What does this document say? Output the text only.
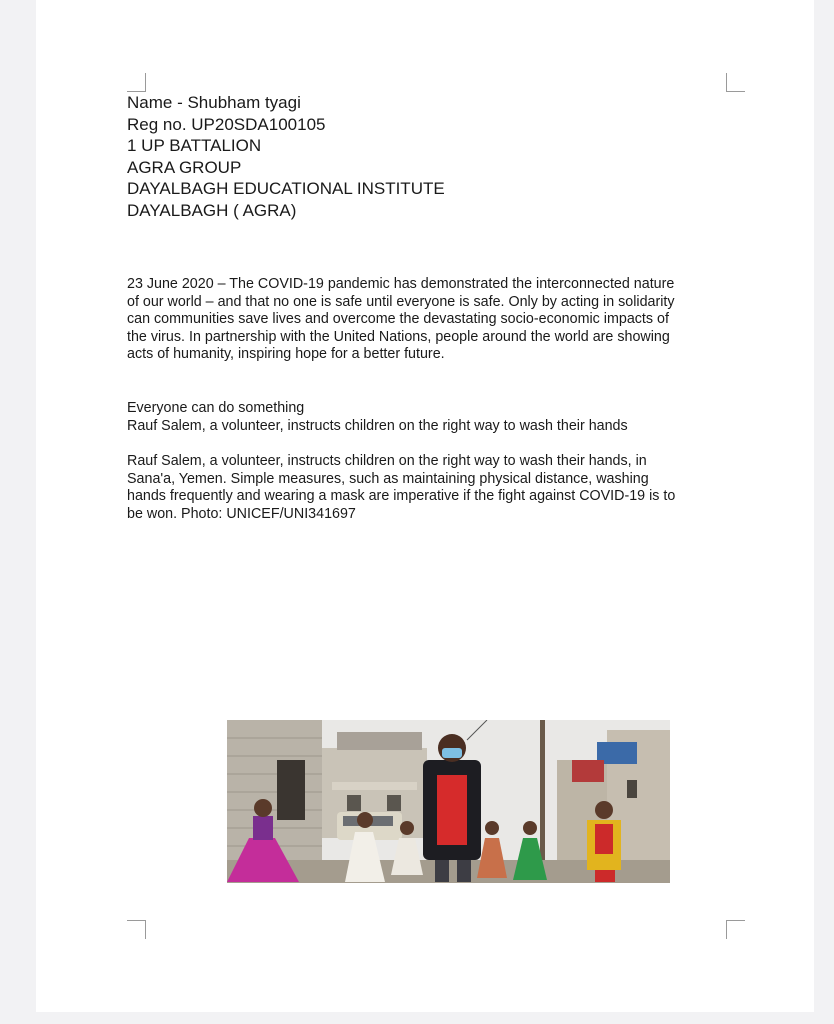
Name - Shubham tyagi
Reg no. UP20SDA100105
1 UP BATTALION
AGRA GROUP
DAYALBAGH EDUCATIONAL INSTITUTE
DAYALBAGH ( AGRA)
23 June 2020 – The COVID-19 pandemic has demonstrated the interconnected nature
of our world – and that no one is safe until everyone is safe. Only by acting in solidarity
can communities save lives and overcome the devastating socio-economic impacts of
the virus. In partnership with the United Nations, people around the world are showing
acts of humanity, inspiring hope for a better future.
Everyone can do something
Rauf Salem, a volunteer, instructs children on the right way to wash their hands
Rauf Salem, a volunteer, instructs children on the right way to wash their hands, in
Sana'a, Yemen. Simple measures, such as maintaining physical distance, washing
hands frequently and wearing a mask are imperative if the fight against COVID-19 is to
be won. Photo: UNICEF/UNI341697
